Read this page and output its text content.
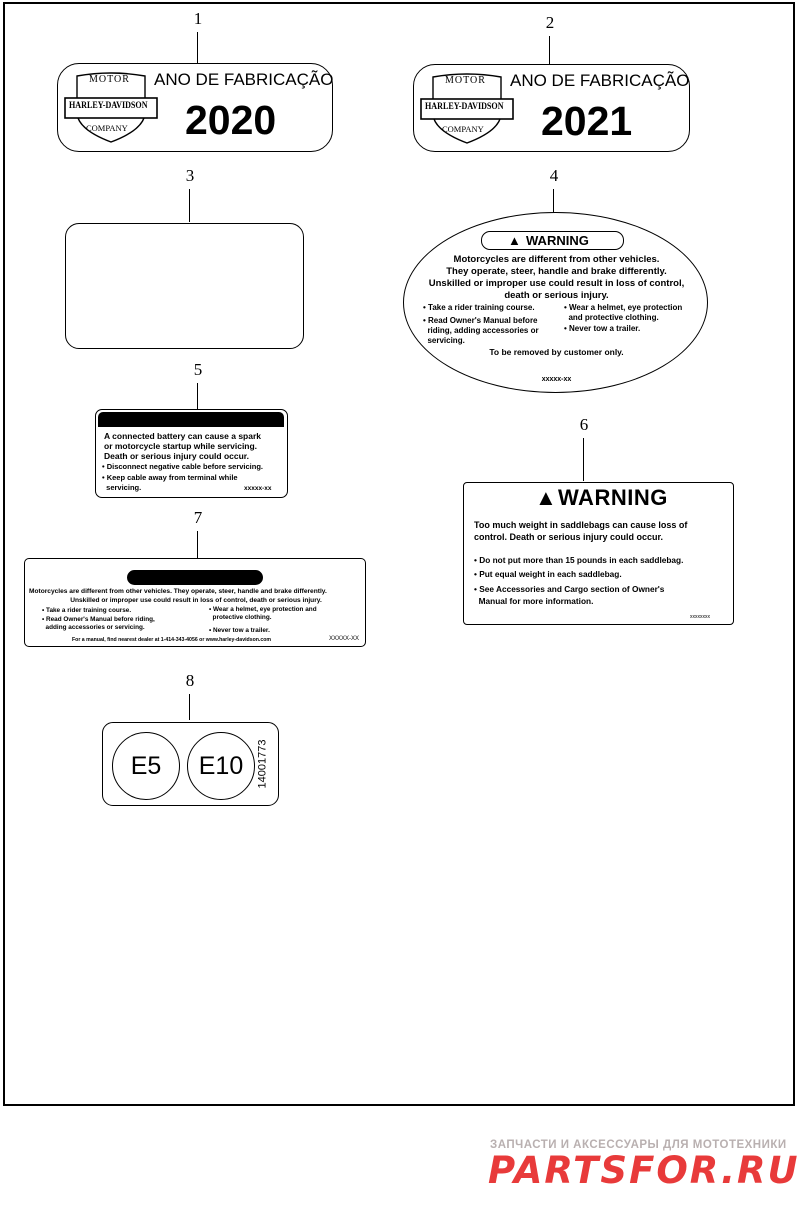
1	2
3	4
5
6
7
8
MOTOR
HARLEY-DAVIDSON
COMPANY
ANO DE FABRICAÇÃO
2020
MOTOR
HARLEY-DAVIDSON
COMPANY
ANO DE FABRICAÇÃO
2021
▲ WARNING
Motorcycles are different from other vehicles.
They operate, steer, handle and brake differently.
Unskilled or improper use could result in loss of control,
death or serious injury.
• Take a rider training course.
• Read Owner's Manual before
riding, adding accessories or
servicing.
• Wear a helmet, eye protection
and protective clothing.
• Never tow a trailer.
To be removed by customer only.
xxxxx-xx
A connected battery can cause a spark
or motorcycle startup while servicing.
Death or serious injury could occur.
• Disconnect negative cable before servicing.
• Keep cable away from terminal while
servicing.	xxxxx-xx	▲ WARNING
Too much weight in saddlebags can cause loss of
control. Death or serious injury could occur.
• Do not put more than 15 pounds in each saddlebag.
• Put equal weight in each saddlebag.
• See Accessories and Cargo section of Owner's
Manual for more information.
xxxxxxxx
Motorcycles are different from other vehicles. They operate, steer, handle and brake differently.
Unskilled or improper use could result in loss of control, death or serious injury.
• Take a rider training course.
• Read Owner's Manual before riding,
adding accessories or servicing.
• Wear a helmet, eye protection and
protective clothing.
• Never tow a trailer.
For a manual, find nearest dealer at 1-414-343-4056 or www.harley-davidson.com	XXXXX-XX
E5	E10	14001773
ЗАПЧАСТИ И АКСЕССУАРЫ ДЛЯ МОТОТЕХНИКИ
PARTSFOR.RU
